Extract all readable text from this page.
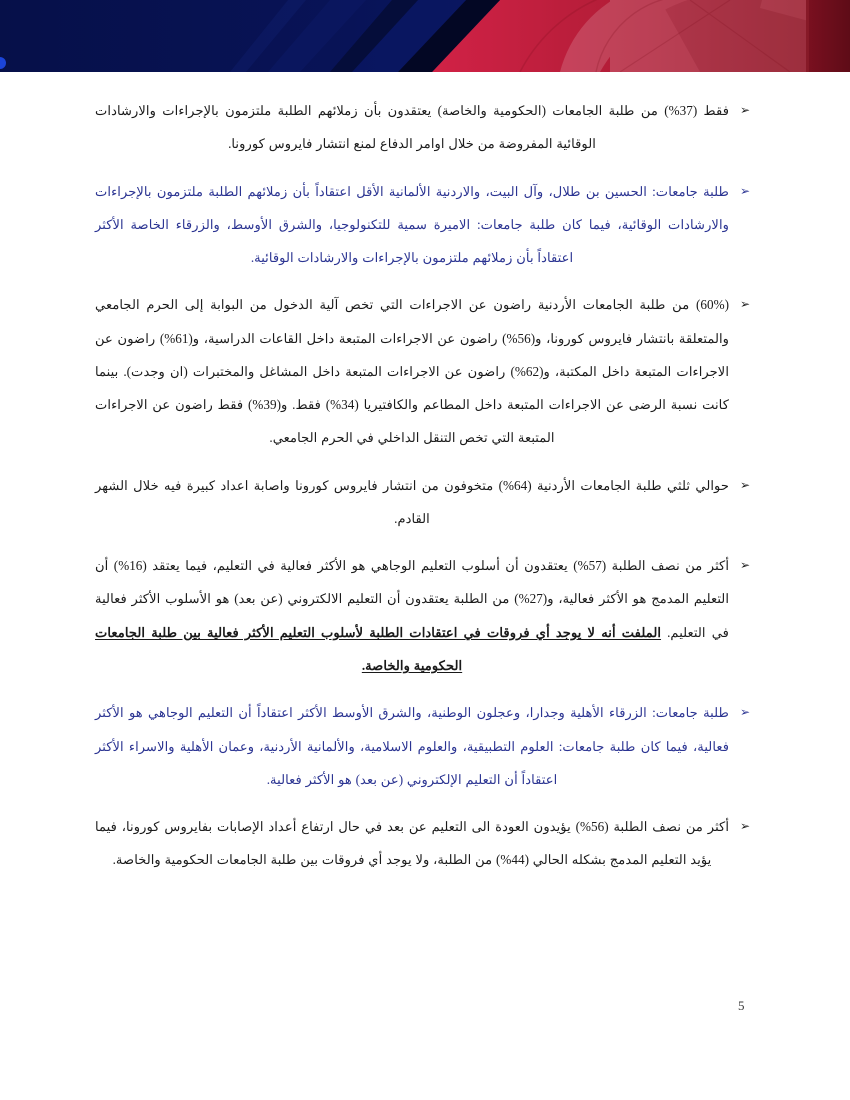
➢
فقط (37%) من طلبة الجامعات (الحكومية والخاصة) يعتقدون بأن زملائهم الطلبة ملتزمون بالإجراءات والارشادات الوقائية المفروضة من خلال اوامر الدفاع لمنع انتشار فايروس كورونا.

➢
طلبة جامعات: الحسين بن طلال، وآل البيت، والاردنية الألمانية الأقل اعتقاداً بأن زملائهم الطلبة ملتزمون بالإجراءات والارشادات الوقائية، فيما كان طلبة جامعات: الاميرة سمية للتكنولوجيا، والشرق الأوسط، والزرقاء الخاصة الأكثر اعتقاداً بأن زملائهم ملتزمون بالإجراءات والارشادات الوقائية.

➢
(60%) من طلبة الجامعات الأردنية راضون عن الاجراءات التي تخص آلية الدخول من البوابة إلى الحرم الجامعي والمتعلقة بانتشار فايروس كورونا، و(56%) راضون عن الاجراءات المتبعة داخل القاعات الدراسية، و(61%) راضون عن الاجراءات المتبعة داخل المكتبة، و(62%) راضون عن الاجراءات المتبعة داخل المشاغل والمختبرات (ان وجدت). بينما كانت نسبة الرضى عن الاجراءات المتبعة داخل المطاعم والكافتيريا (34%) فقط. و(39%) فقط راضون عن الاجراءات المتبعة التي تخص التنقل الداخلي في الحرم الجامعي.

➢
حوالي ثلثي طلبة الجامعات الأردنية (64%) متخوفون من انتشار فايروس كورونا واصابة اعداد كبيرة فيه خلال الشهر القادم.

➢
أكثر من نصف الطلبة (57%) يعتقدون أن أسلوب التعليم الوجاهي هو الأكثر فعالية في التعليم، فيما يعتقد (16%) أن التعليم المدمج هو الأكثر فعالية، و(27%) من الطلبة يعتقدون أن التعليم الالكتروني (عن بعد) هو الأسلوب الأكثر فعالية في التعليم. الملفت أنه لا يوجد أي فروقات في اعتقادات الطلبة لأسلوب التعليم الأكثر فعالية بين طلبة الجامعات الحكومية والخاصة.

➢
طلبة جامعات: الزرقاء الأهلية وجدارا، وعجلون الوطنية، والشرق الأوسط الأكثر اعتقاداً أن التعليم الوجاهي هو الأكثر فعالية، فيما كان طلبة جامعات: العلوم التطبيقية، والعلوم الاسلامية، والألمانية الأردنية، وعمان الأهلية والاسراء الأكثر اعتقاداً أن التعليم الإلكتروني (عن بعد) هو الأكثر فعالية.

➢
أكثر من نصف الطلبة (56%) يؤيدون العودة الى التعليم عن بعد في حال ارتفاع أعداد الإصابات بفايروس كورونا، فيما يؤيد التعليم المدمج بشكله الحالي (44%) من الطلبة، ولا يوجد أي فروقات بين طلبة الجامعات الحكومية والخاصة.

5
